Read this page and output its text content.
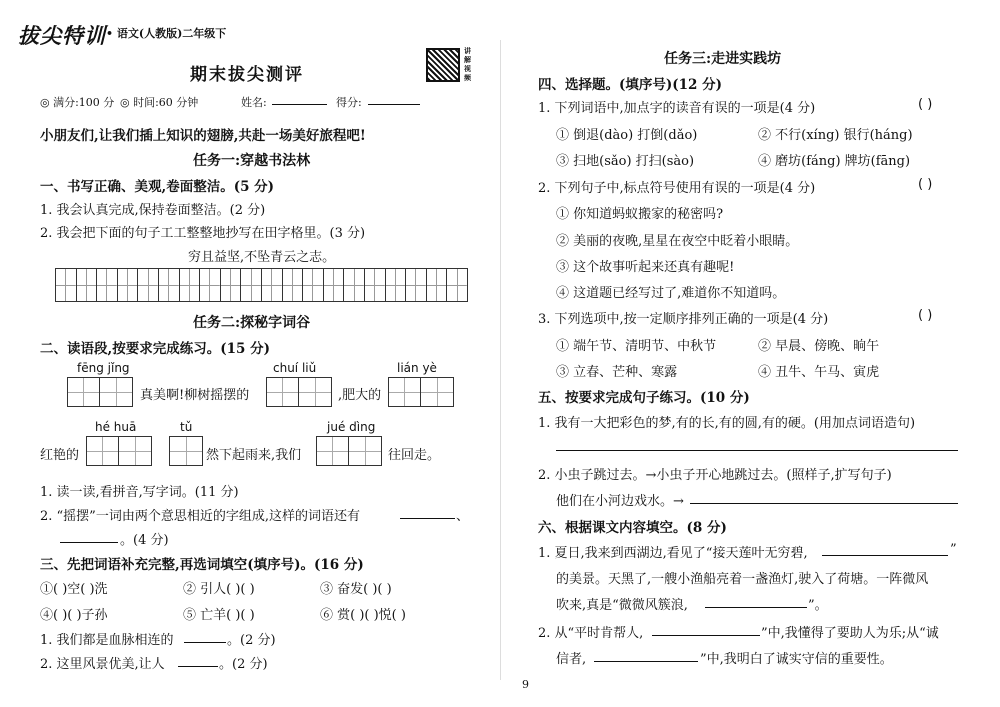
拔尖特训 • 语文(人教版)二年级下
期末拔尖测评
讲解视频
◎ 满分:100 分 ◎ 时间:60 分钟	姓名:	得分:
小朋友们,让我们插上知识的翅膀,共赴一场美好旅程吧!
任务一:穿越书法林
一、书写正确、美观,卷面整洁。(5 分)
1. 我会认真完成,保持卷面整洁。(2 分)
2. 我会把下面的句子工工整整地抄写在田字格里。(3 分)
穷且益坚,不坠青云之志。
任务二:探秘字词谷
二、读语段,按要求完成练习。(15 分)
fēng jǐng
真美啊!柳树摇摆的
chuí liǔ
,肥大的
lián yè
hé huā
红艳的
tǔ
然下起雨来,我们
jué dìng
往回走。
1. 读一读,看拼音,写字词。(11 分)
2. “摇摆”一词由两个意思相近的字组成,这样的词语还有	、
。(4 分)
三、先把词语补充完整,再选词填空(填序号)。(16 分)
①( )空( )洗	② 引人( )( )	③ 奋发( )( )
④( )( )子孙	⑤ 亡羊( )( )	⑥ 赏( )( )悦( )
1. 我们都是血脉相连的	。(2 分)
2. 这里风景优美,让人	。(2 分)
任务三:走进实践坊
四、选择题。(填序号)(12 分)
1. 下列词语中,加点字的读音有误的一项是(4 分)	( )
① 倒退(dào) 打倒(dǎo)	② 不行(xíng) 银行(háng)
③ 扫地(sǎo) 打扫(sào)	④ 磨坊(fáng) 牌坊(fāng)
2. 下列句子中,标点符号使用有误的一项是(4 分)	( )
① 你知道蚂蚁搬家的秘密吗?
② 美丽的夜晚,星星在夜空中眨着小眼睛。
③ 这个故事听起来还真有趣呢!
④ 这道题已经写过了,难道你不知道吗。
3. 下列选项中,按一定顺序排列正确的一项是(4 分)	( )
① 端午节、清明节、中秋节	② 早晨、傍晚、晌午
③ 立春、芒种、寒露	④ 丑牛、午马、寅虎
五、按要求完成句子练习。(10 分)
1. 我有一大把彩色的梦,有的长,有的圆,有的硬。(用加点词语造句)
2. 小虫子跳过去。→小虫子开心地跳过去。(照样子,扩写句子)
他们在小河边戏水。→
六、根据课文内容填空。(8 分)
1. 夏日,我来到西湖边,看见了“接天莲叶无穷碧,	”
的美景。天黑了,一艘小渔船亮着一盏渔灯,驶入了荷塘。一阵微风
吹来,真是“微微风簇浪,	”。
2. 从“平时肯帮人,	”中,我懂得了要助人为乐;从“诚
信者,	”中,我明白了诚实守信的重要性。
9
